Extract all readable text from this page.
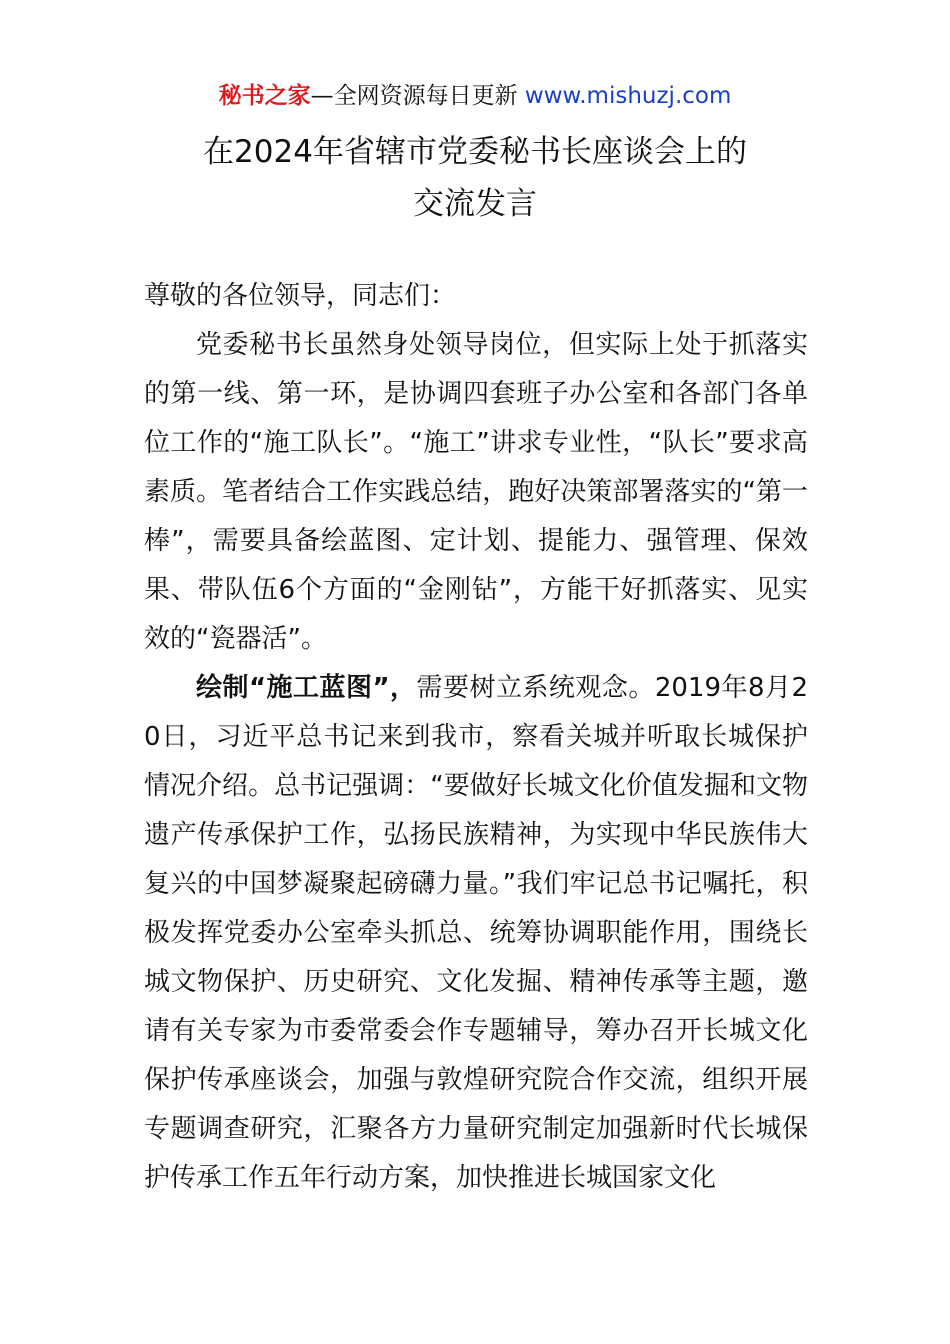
秘书之家—全网资源每日更新 www.mishuzj.com
在2024年省辖市党委秘书长座谈会上的
交流发言

尊敬的各位领导，同志们：

党委秘书长虽然身处领导岗位，但实际上处于抓落实的第一线、第一环，是协调四套班子办公室和各部门各单位工作的“施工队长”。“施工”讲求专业性，“队长”要求高素质。笔者结合工作实践总结，跑好决策部署落实的“第一棒”，需要具备绘蓝图、定计划、提能力、强管理、保效果、带队伍6个方面的“金刚钻”，方能干好抓落实、见实效的“瓷器活”。

绘制“施工蓝图”，需要树立系统观念。2019年8月20日，习近平总书记来到我市，察看关城并听取长城保护情况介绍。总书记强调：“要做好长城文化价值发掘和文物遗产传承保护工作，弘扬民族精神，为实现中华民族伟大复兴的中国梦凝聚起磅礴力量。”我们牢记总书记嘱托，积极发挥党委办公室牵头抓总、统筹协调职能作用，围绕长城文物保护、历史研究、文化发掘、精神传承等主题，邀请有关专家为市委常委会作专题辅导，筹办召开长城文化保护传承座谈会，加强与敦煌研究院合作交流，组织开展专题调查研究，汇聚各方力量研究制定加强新时代长城保护传承工作五年行动方案，加快推进长城国家文化
